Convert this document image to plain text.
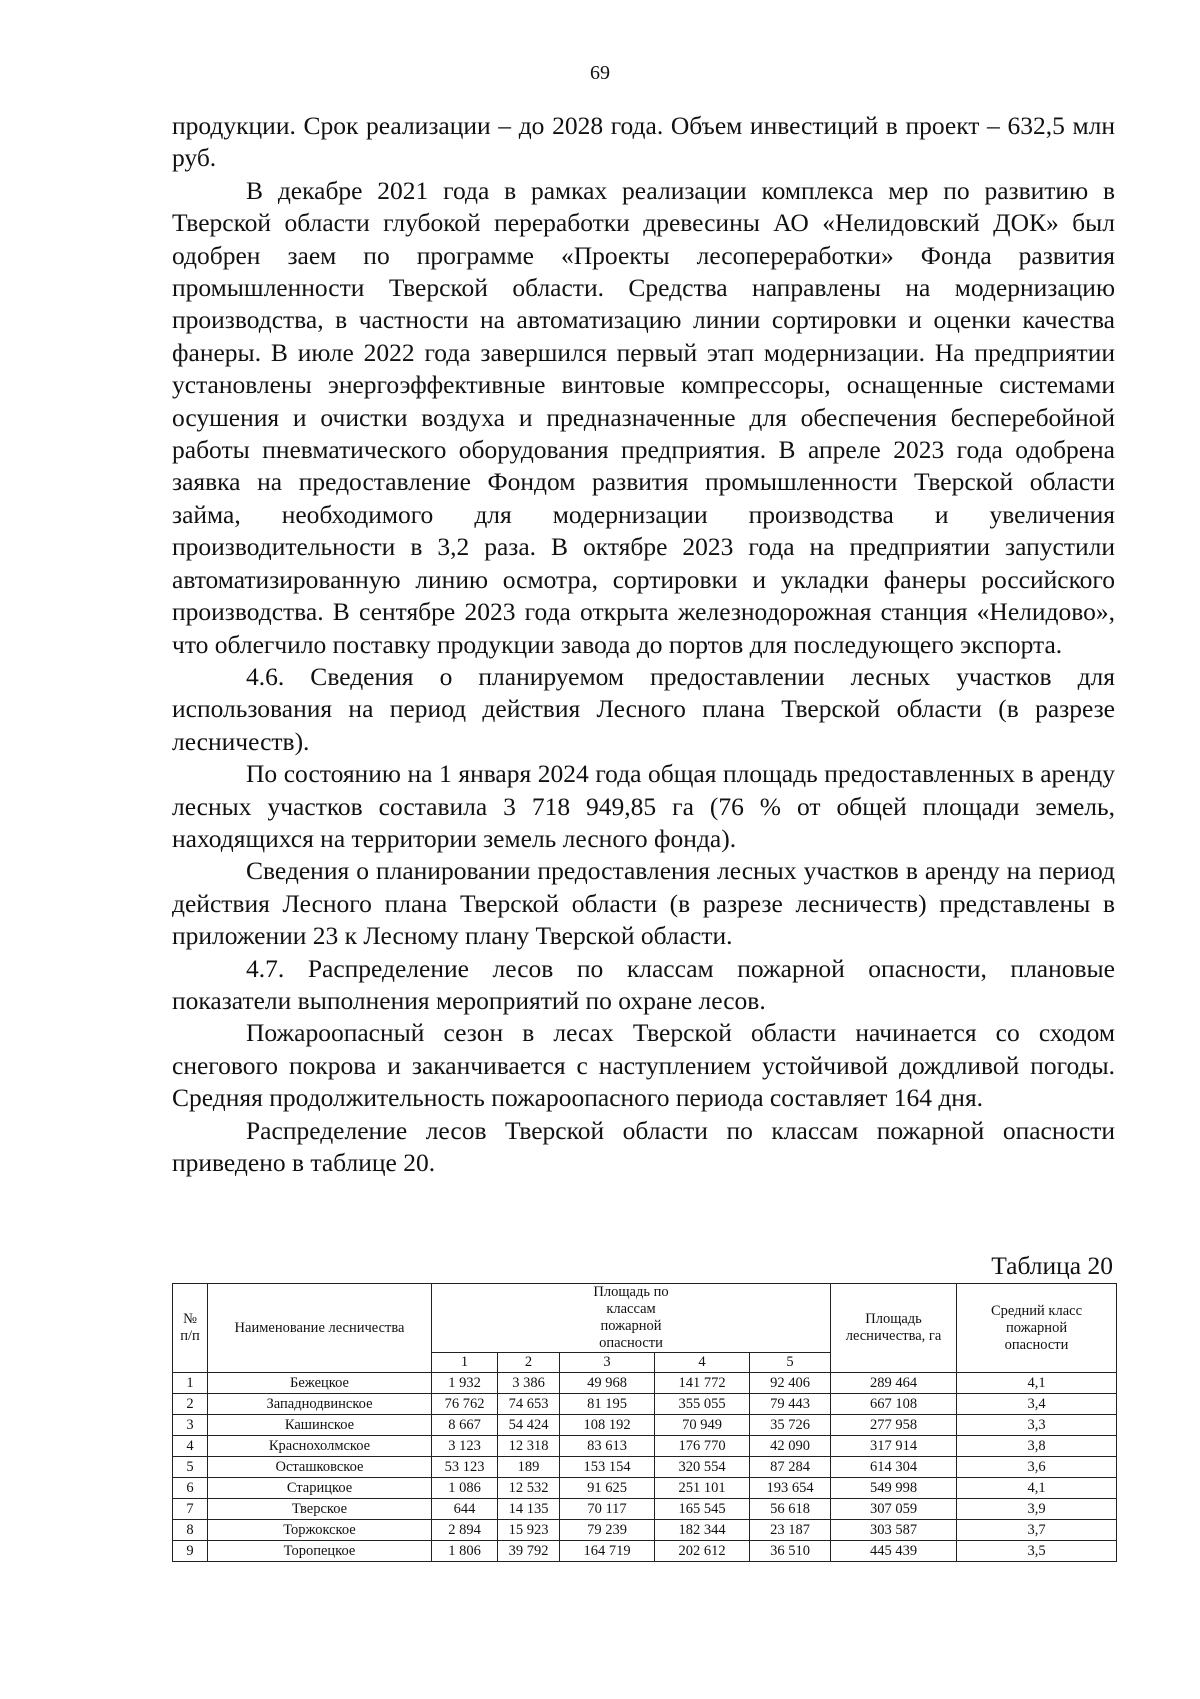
69

продукции. Срок реализации – до 2028 года. Объем инвестиций в проект – 632,5 млн руб.

В декабре 2021 года в рамках реализации комплекса мер по развитию в Тверской области глубокой переработки древесины АО «Нелидовский ДОК» был одобрен заем по программе «Проекты лесопереработки» Фонда развития промышленности Тверской области. Средства направлены на модернизацию производства, в частности на автоматизацию линии сортировки и оценки качества фанеры. В июле 2022 года завершился первый этап модернизации. На предприятии установлены энергоэффективные винтовые компрессоры, оснащенные системами осушения и очистки воздуха и предназначенные для обеспечения бесперебойной работы пневматического оборудования предприятия. В апреле 2023 года одобрена заявка на предоставление Фондом развития промышленности Тверской области займа, необходимого для модернизации производства и увеличения производительности в 3,2 раза. В октябре 2023 года на предприятии запустили автоматизированную линию осмотра, сортировки и укладки фанеры российского производства. В сентябре 2023 года открыта железнодорожная станция «Нелидово», что облегчило поставку продукции завода до портов для последующего экспорта.

4.6. Сведения о планируемом предоставлении лесных участков для использования на период действия Лесного плана Тверской области (в разрезе лесничеств).

По состоянию на 1 января 2024 года общая площадь предоставленных в аренду лесных участков составила 3 718 949,85 га (76 % от общей площади земель, находящихся на территории земель лесного фонда).

Сведения о планировании предоставления лесных участков в аренду на период действия Лесного плана Тверской области (в разрезе лесничеств) представлены в приложении 23 к Лесному плану Тверской области.

4.7. Распределение лесов по классам пожарной опасности, плановые показатели выполнения мероприятий по охране лесов.

Пожароопасный сезон в лесах Тверской области начинается со сходом снегового покрова и заканчивается с наступлением устойчивой дождливой погоды. Средняя продолжительность пожароопасного периода составляет 164 дня.

Распределение лесов Тверской области по классам пожарной опасности приведено в таблице 20.

Таблица 20
№ п/п	Наименование лесничества	Площадь по классам пожарной опасности					Площадь лесничества, га	Средний класс пожарной опасности
		1	2	3	4	5		
1	Бежецкое	1 932	3 386	49 968	141 772	92 406	289 464	4,1
2	Западнодвинское	76 762	74 653	81 195	355 055	79 443	667 108	3,4
3	Кашинское	8 667	54 424	108 192	70 949	35 726	277 958	3,3
4	Краснохолмское	3 123	12 318	83 613	176 770	42 090	317 914	3,8
5	Осташковское	53 123	189	153 154	320 554	87 284	614 304	3,6
6	Старицкое	1 086	12 532	91 625	251 101	193 654	549 998	4,1
7	Тверское	644	14 135	70 117	165 545	56 618	307 059	3,9
8	Торжокское	2 894	15 923	79 239	182 344	23 187	303 587	3,7
9	Торопецкое	1 806	39 792	164 719	202 612	36 510	445 439	3,5
